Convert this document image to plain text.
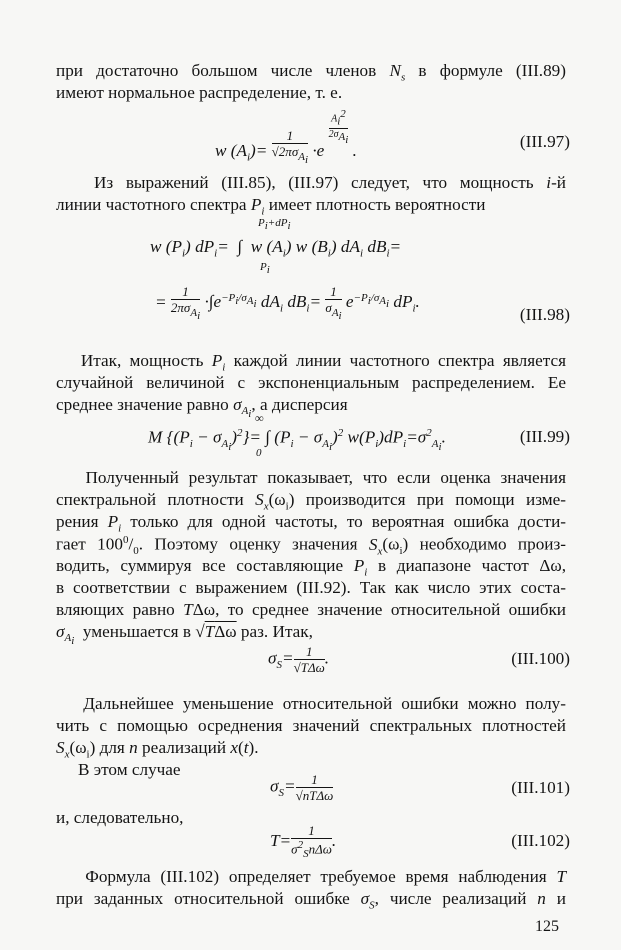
при достаточно большом числе членов $N_s$ в формуле (III.89)
имеют нормальное распределение, т. е.
w $(A_i)= \frac{1}{√2\pi\sigma_{A_i}} \cdot e$
$\frac{A_i^2}{2\sigma_{A_i}}$
.	(III.97)
Из выражений (III.85), (III.97) следует, что мощность i-й
линии частотного спектра $P_i$ имеет плотность вероятности
$P_i+dP_i$
w $(P_i)$ $dP_i=$  ∫  w $(A_i)$ w $(B_i)$ $dA_i$ $dB_i=$
$P_i$
= $\frac{1}{2\pi\sigma_{A_i}} \cdot\int e^{-P_i/\sigma_{A_i}}$ $dA_i$ $dB_i= \frac{1}{\sigma_{A_i}} e^{-P_i/\sigma_{A_i}}$ $dP_i$.
(III.98)
Итак, мощность $P_i$ каждой линии частотного спектра является
случайной величиной с экспоненциальным распределением. Ее
среднее значение равно $\sigma_{A_i}$, а дисперсия
∞
M $\{(P_i - \sigma_{A_i})^2\}=$ ∫ $(P_i - \sigma_{A_i})^2$ $w(P_i)dP_i=\sigma^2_{A_i}$.
0
(III.99)
Полученный результат показывает, что если оценка значения
спектральной плотности $S_x(\omega_i)$ производится при помощи изме-
рения $P_i$ только для одной частоты, то вероятная ошибка дости-
гает $100^0/_0$. Поэтому оценку значения $S_x(\omega_i)$ необходимо произ-
водить, суммируя все составляющие $P_i$ в диапазоне частот Δω,
в соответствии с выражением (III.92). Так как число этих соста-
вляющих равно TΔω, то среднее значение относительной ошибки
$\sigma_{A_i}$  уменьшается в √TΔω раз. Итак,
$\sigma_S= \frac{1}{\text{√TΔω}}$ .	(III.100)
Дальнейшее уменьшение относительной ошибки можно полу-
чить с помощью осреднения значений спектральных плотностей
$S_x(\omega_i)$ для n реализаций x(t).
В этом случае
$\sigma_S= \frac{1}{\text{√nTΔω}}$	(III.101)
и, следовательно,
$T= \frac{1}{\sigma^2_Sn\Delta\omega}$ .	(III.102)
Формула (III.102) определяет требуемое время наблюдения T
при заданных относительной ошибке $\sigma_S$, числе реализаций n и
125
